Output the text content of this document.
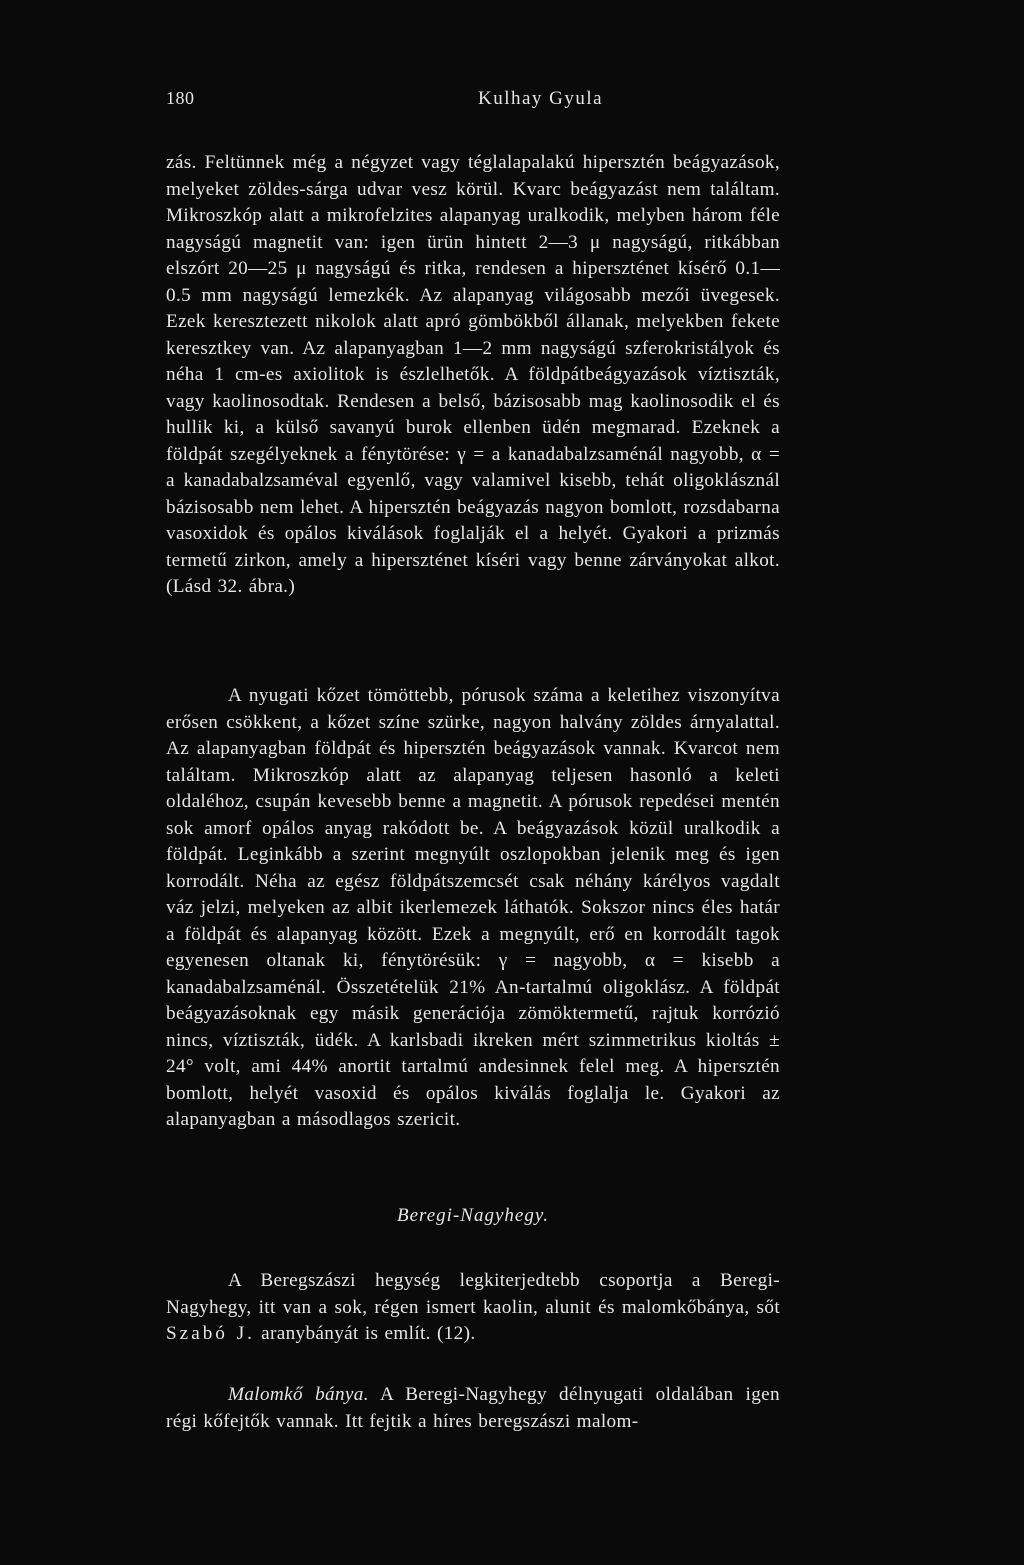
180	Kulhay Gyula

zás. Feltünnek még a négyzet vagy téglalapalakú hipersztén beágyazások, melyeket zöldes-sárga udvar vesz körül. Kvarc beágyazást nem találtam. Mikroszkóp alatt a mikrofelzites alapanyag uralkodik, melyben három féle nagyságú magnetit van: igen ürün hintett 2—3 μ nagyságú, ritkábban elszórt 20—25 μ nagyságú és ritka, rendesen a hiperszténet kísérő 0.1—0.5 mm nagyságú lemezkék. Az alapanyag világosabb mezői üvegesek. Ezek keresztezett nikolok alatt apró gömbökből állanak, melyekben fekete keresztkey van. Az alapanyagban 1—2 mm nagyságú szferokristályok és néha 1 cm-es axiolitok is észlelhetők. A földpátbeágyazások víztiszták, vagy kaolinosodtak. Rendesen a belső, bázisosabb mag kaolinosodik el és hullik ki, a külső savanyú burok ellenben üdén megmarad. Ezeknek a földpát szegélyeknek a fénytörése: γ = a kanadabalzsaménál nagyobb, α = a kanadabalzsaméval egyenlő, vagy valamivel kisebb, tehát oligoklásznál bázisosabb nem lehet. A hipersztén beágyazás nagyon bomlott, rozsdabarna vasoxidok és opálos kiválások foglalják el a helyét. Gyakori a prizmás termetű zirkon, amely a hiperszténet kíséri vagy benne zárványokat alkot. (Lásd 32. ábra.)

A nyugati kőzet tömöttebb, pórusok száma a keletihez viszonyítva erősen csökkent, a kőzet színe szürke, nagyon halvány zöldes árnyalattal. Az alapanyagban földpát és hipersztén beágyazások vannak. Kvarcot nem találtam. Mikroszkóp alatt az alapanyag teljesen hasonló a keleti oldaléhoz, csupán kevesebb benne a magnetit. A pórusok repedései mentén sok amorf opálos anyag rakódott be. A beágyazások közül uralkodik a földpát. Leginkább a szerint megnyúlt oszlopokban jelenik meg és igen korrodált. Néha az egész földpátszemcsét csak néhány kárélyos vagdalt váz jelzi, melyeken az albit ikerlemezek láthatók. Sokszor nincs éles határ a földpát és alapanyag között. Ezek a megnyúlt, erő en korrodált tagok egyenesen oltanak ki, fénytörésük: γ = nagyobb, α = kisebb a kanadabalzsaménál. Összetételük 21% An-tartalmú oligoklász. A földpát beágyazásoknak egy másik generációja zömöktermetű, rajtuk korrózió nincs, víztiszták, üdék. A karlsbadi ikreken mért szimmetrikus kioltás ± 24° volt, ami 44% anortit tartalmú andesinnek felel meg. A hipersztén bomlott, helyét vasoxid és opálos kiválás foglalja le. Gyakori az alapanyagban a másodlagos szericit.

Beregi-Nagyhegy.

A Beregszászi hegység legkiterjedtebb csoportja a Beregi-Nagyhegy, itt van a sok, régen ismert kaolin, alunit és malomkőbánya, sőt Szabó J. aranybányát is említ. (12).

Malomkő bánya. A Beregi-Nagyhegy délnyugati oldalában igen régi kőfejtők vannak. Itt fejtik a híres beregszászi malom-
